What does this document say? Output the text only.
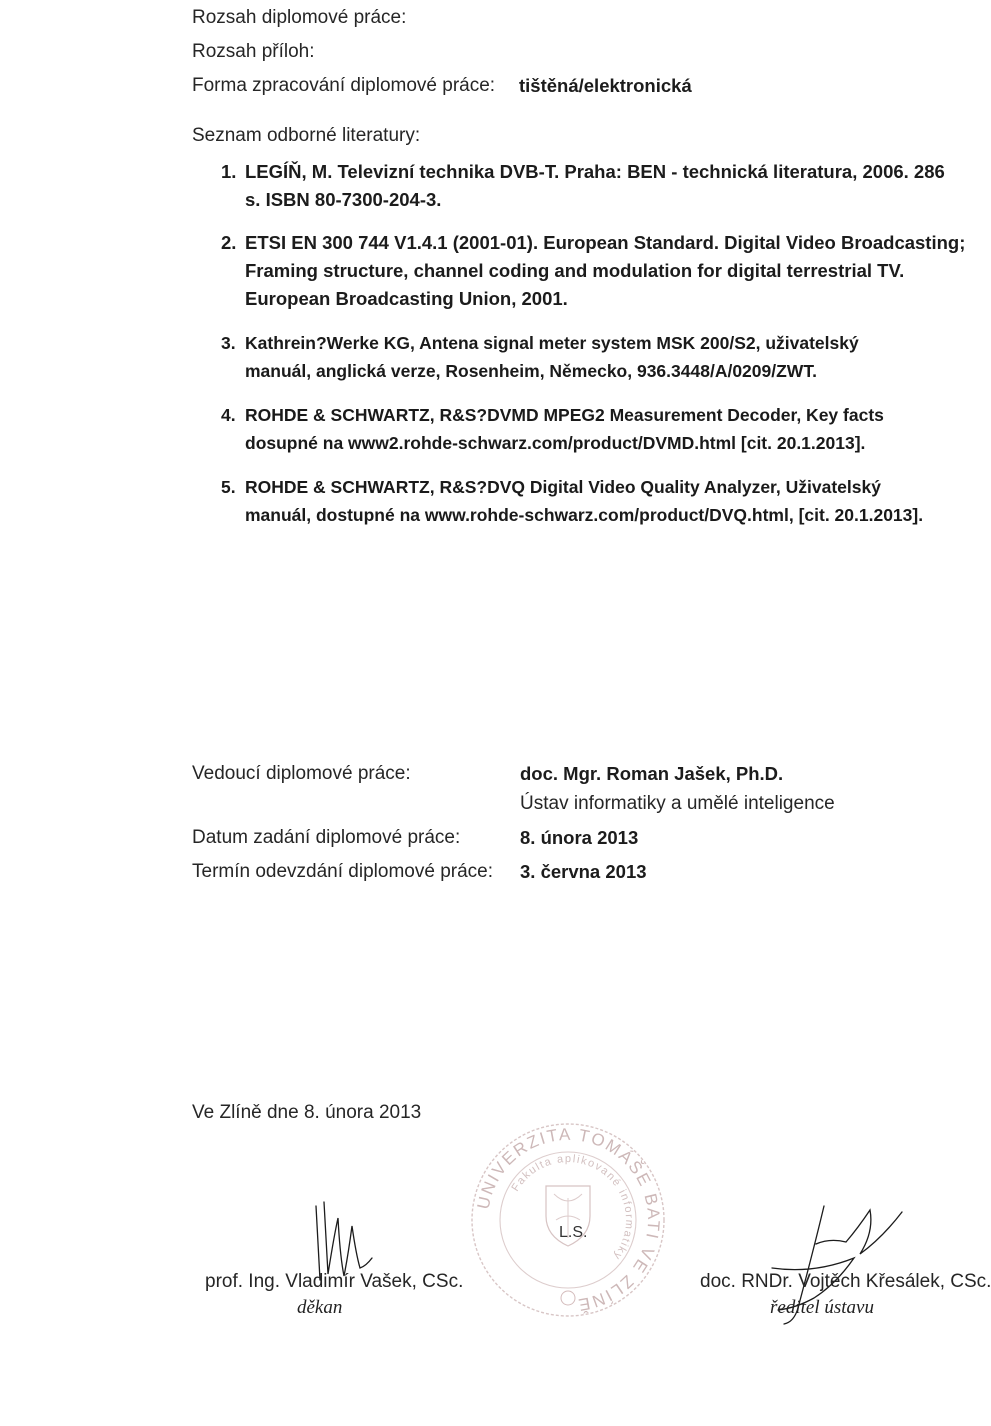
Rozsah diplomové práce:

Rozsah příloh:

Forma zpracování diplomové práce: tištěná/elektronická

Seznam odborné literatury:

1. LEGÍŇ, M. Televizní technika DVB-T. Praha: BEN - technická literatura, 2006. 286

s. ISBN 80-7300-204-3.

2. ETSI EN 300 744 V1.4.1 (2001-01). European Standard. Digital Video Broadcasting;

Framing structure, channel coding and modulation for digital terrestrial TV.

European Broadcasting Union, 2001.

3. Kathrein?Werke KG, Antena signal meter system MSK 200/S2, uživatelský

manuál, anglická verze, Rosenheim, Německo, 936.3448/A/0209/ZWT.

4. ROHDE & SCHWARTZ, R&S?DVMD MPEG2 Measurement Decoder, Key facts

dosupné na www2.rohde-schwarz.com/product/DVMD.html [cit. 20.1.2013].

5. ROHDE & SCHWARTZ, R&S?DVQ Digital Video Quality Analyzer, Uživatelský

manuál, dostupné na www.rohde-schwarz.com/product/DVQ.html, [cit. 20.1.2013].

Vedoucí diplomové práce:	doc. Mgr. Roman Jašek, Ph.D.

Ústav informatiky a umělé inteligence

Datum zadání diplomové práce:	8. února 2013

Termín odevzdání diplomové práce: 3. června 2013

Ve Zlíně dne 8. února 2013

UNIVERZITA TOMÁŠE BATI VE ZLÍNĚ
Fakulta aplikované informatiky

L.S.

prof. Ing. Vladimír Vašek, CSc.

děkan

doc. RNDr. Vojtěch Křesálek, CSc.

ředitel ústavu
